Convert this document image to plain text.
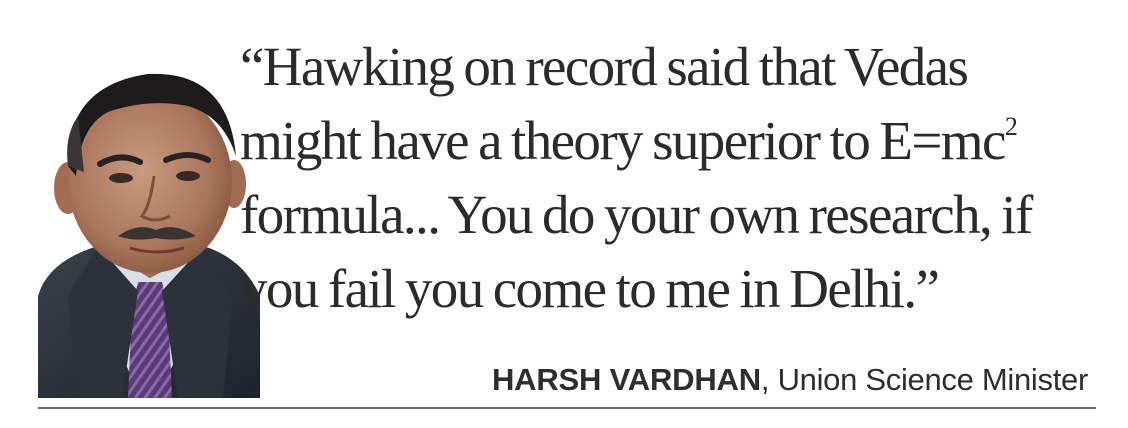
“Hawking on record said that Vedas
might have a theory superior to $E=mc^2$
formula... You do your own research, if
you fail you come to me in Delhi.”
HARSH VARDHAN, Union Science Minister
